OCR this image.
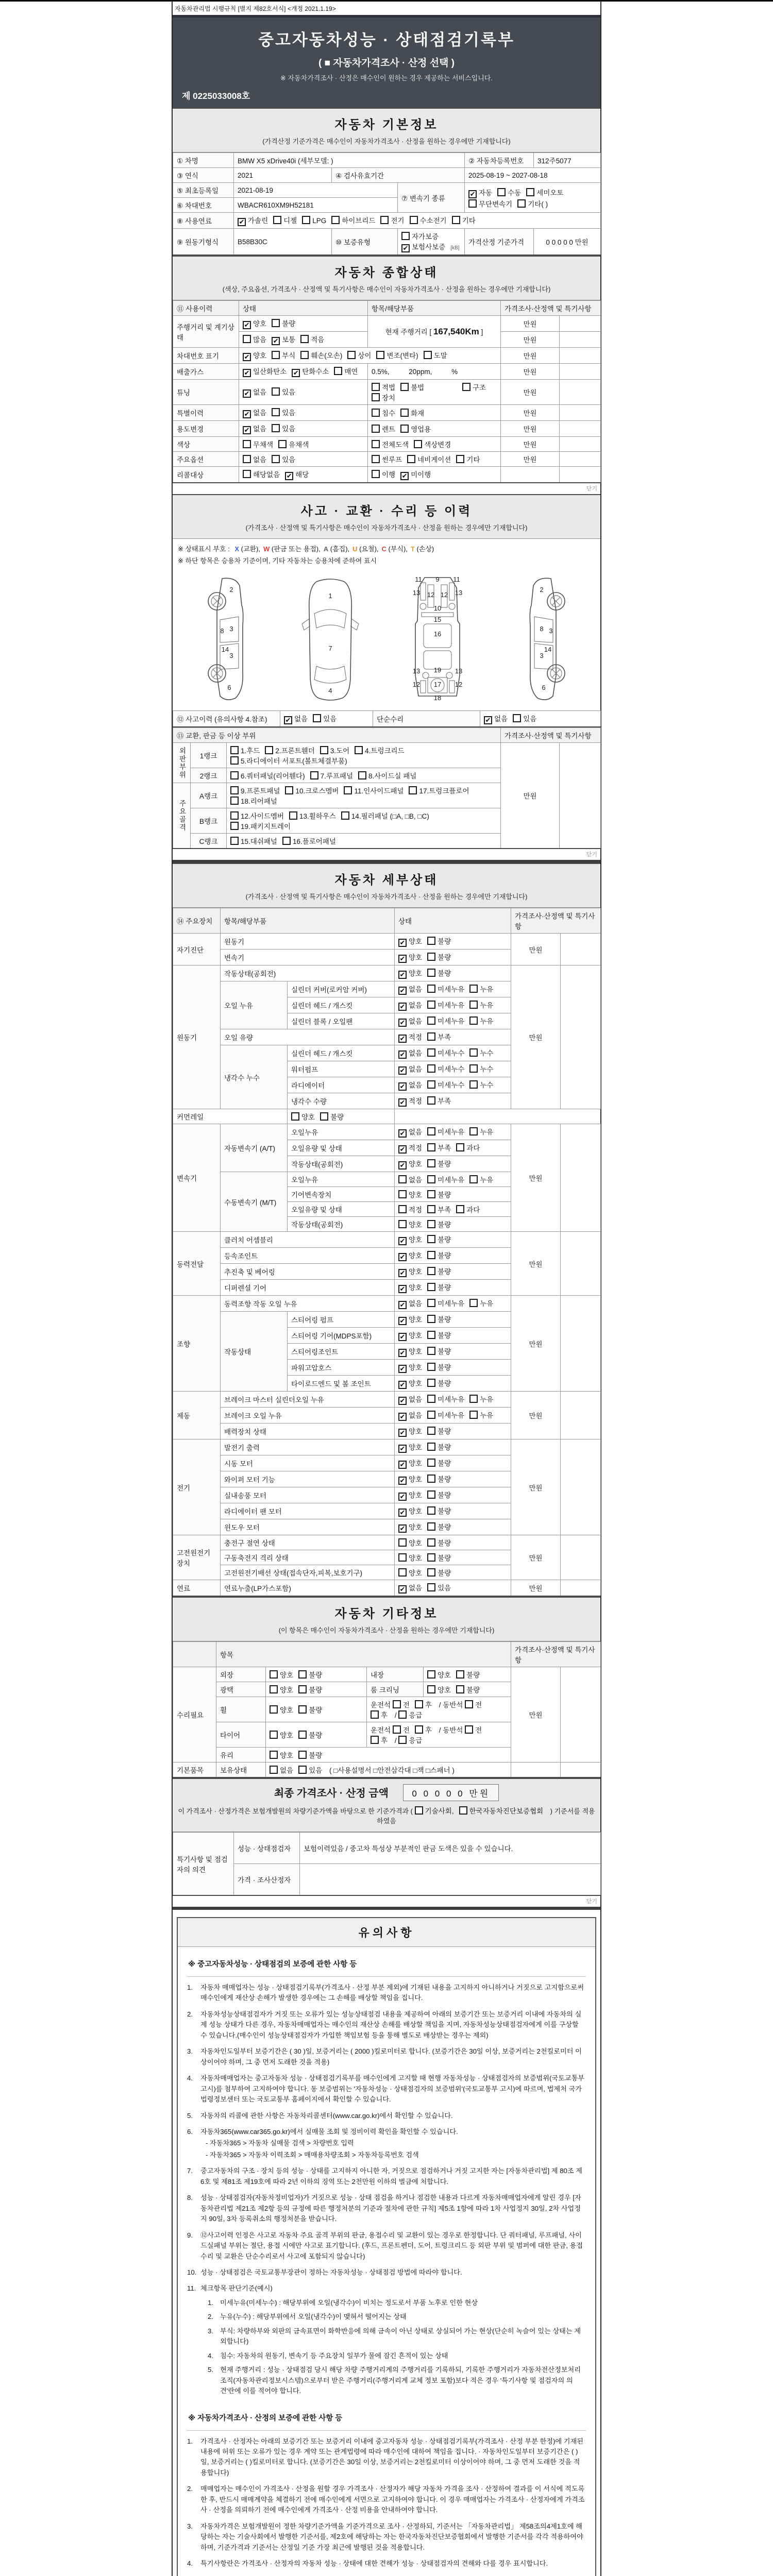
자동차관리법 시행규칙 [별지 제82호서식] <개정 2021.1.19>
중고자동차성능 · 상태점검기록부
( ■ 자동차가격조사 · 산정 선택 )
※ 자동차가격조사 · 산정은 매수인이 원하는 경우 제공하는 서비스입니다.
제 0225033008호
자동차 기본정보
(가격산정 기준가격은 매수인이 자동차가격조사 · 산정을 원하는 경우에만 기재합니다)
① 차명	BMW X5 xDrive40i (세부모델: )			② 자동차등록번호	312주5077
③ 연식	2021	④ 검사유효기간		2025-08-19 ~ 2027-08-18	
⑤ 최초등록일	2021-08-19		⑦ 변속기 종류	✔ 자동 수동 세미오토
무단변속기 기타( )	

⑥ 차대번호	WBACR610XM9H52181				
⑧ 사용연료	✔ 가솔린 디젤 LPG 하이브리드 전기 수소전기 기타				
⑨ 원동기형식	B58B30C	⑩ 보증유형	자가보증✔ 보험사보증 [kB]	가격산정 기준가격	0 0 0 0 0 만원
자동차 종합상태
(색상, 주요옵션, 가격조사 · 산정액 및 특기사항은 매수인이 자동차가격조사 · 산정을 원하는 경우에만 기재합니다)
⑪ 사용이력	상태	항목/해당부품	가격조사·산정액 및 특기사항	
주행거리 및 계기상태	✔ 양호 불량	현재 주행거리 [ 167,540Km ]	만원	
	많음 ✔ 보통 적음		만원	
차대번호 표기	✔ 양호 부식 훼손(오손) 상이 변조(변타) 도말		만원	
배출가스	✔ 일산화탄소 ✔ 탄화수소 매연	0.5%, 20ppm, %	만원	
튜닝	✔ 없음 있음	적법 불법 구조장치	만원	
특별이력	✔ 없음 있음	침수 화재	만원	
용도변경	✔ 없음 있음	렌트 영업용	만원	
색상	무채색 유채색	전체도색 색상변경	만원	
주요옵션	없음 있음	썬루프 네비게이션 기타	만원	
리콜대상	해당없음 ✔ 해당	이행 ✔ 미이행		
닫기
사고 · 교환 · 수리 등 이력
(가격조사 · 산정액 및 특기사항은 매수인이 자동차가격조사 · 산정을 원하는 경우에만 기재합니다)
※ 상태표시 부호 : X (교환), W (판금 또는 용접), A (흠집), U (요철), C (부식), T (손상)
※ 하단 항목은 승용차 기준이며, 기타 자동차는 승용차에 준하여 표시
2
8 3
14
3
6
1
7
4
11 9 11
13 12 12 13
10
15
16
13 19 13
12 17 12
18
2
3
8
14
3
6
⑫ 사고이력 (유의사항 4.참조)	✔ 없음 있음	단순수리	✔ 없음 있음
⑬ 교환, 판금 등 이상 부위			가격조사·산정액 및 특기사항	
외판부위	1랭크	1.후드 2.프론트휀더 3.도어 4.트렁크리드5.라디에이터 서포트(볼트체결부품)	만원	
	2랭크	6.쿼터패널(리어휀다) 7.루프패널 8.사이드실 패널		
주요골격	A랭크	9.프론트패널 10.크로스멤버 11.인사이드패널 17.트렁크플로어18.리어패널		
	B랭크	12.사이드멤버 13.휠하우스 14.필러패널 (□A, □B, □C)19.패키지트레이		
	C랭크	15.대쉬패널 16.플로어패널		
닫기
자동차 세부상태
(가격조사 · 산정액 및 특기사항은 매수인이 자동차가격조사 · 산정을 원하는 경우에만 기재합니다)
⑭ 주요장치	항목/해당부품		상태	가격조사·산정액 및 특기사항	
자기진단	원동기		✔ 양호 불량	만원	
	변속기		✔ 양호 불량		
원동기	작동상태(공회전)		✔ 양호 불량	만원	
	오일 누유	실린더 커버(로커암 커버)	✔ 없음 미세누유 누유		
		실린더 헤드 / 개스킷	✔ 없음 미세누유 누유		
		실린더 블록 / 오일팬	✔ 없음 미세누유 누유		
	오일 유량		✔ 적정 부족		
	냉각수 누수	실린더 헤드 / 개스킷	✔ 없음 미세누수 누수		
		워터펌프	✔ 없음 미세누수 누수		
		라디에이터	✔ 없음 미세누수 누수		
		냉각수 수량	✔ 적정 부족		
커먼레일		양호 불량			
변속기	자동변속기 (A/T)	오일누유	✔ 없음 미세누유 누유	만원	
		오일유량 및 상태	✔ 적정 부족 과다		
		작동상태(공회전)	✔ 양호 불량		
	수동변속기 (M/T)	오일누유	없음 미세누유 누유		
		기어변속장치	양호 불량		
		오일유량 및 상태	적정 부족 과다		
		작동상태(공회전)	양호 불량		
동력전달	클러치 어셈블리		✔ 양호 불량	만원	
	등속조인트		✔ 양호 불량		
	추진축 및 베어링		✔ 양호 불량		
	디퍼렌셜 기어		✔ 양호 불량		
조향	동력조향 작동 오일 누유		✔ 없음 미세누유 누유	만원	
	작동상태	스티어링 펌프	✔ 양호 불량		
		스티어링 기어(MDPS포함)	✔ 양호 불량		
		스티어링조인트	✔ 양호 불량		
		파워고압호스	✔ 양호 불량		
		타이로드엔드 및 볼 조인트	✔ 양호 불량		
제동	브레이크 마스터 실린더오일 누유		✔ 없음 미세누유 누유	만원	
	브레이크 오일 누유		✔ 없음 미세누유 누유		
	배력장치 상태		✔ 양호 불량		
전기	발전기 출력		✔ 양호 불량	만원	
	시동 모터		✔ 양호 불량		
	와이퍼 모터 기능		✔ 양호 불량		
	실내송풍 모터		✔ 양호 불량		
	라디에이터 팬 모터		✔ 양호 불량		
	윈도우 모터		✔ 양호 불량		
고전원전기장치	충전구 절연 상태		양호 불량	만원	
	구동축전지 격리 상태		양호 불량		
	고전원전기배선 상태(접속단자,피복,보호기구)		양호 불량		
연료	연료누출(LP가스포함)		✔ 없음 있음	만원	
자동차 기타정보
(이 항목은 매수인이 자동차가격조사 · 산정을 원하는 경우에만 기재합니다)
	항목				가격조사·산정액 및 특기사항	
수리필요	외장	양호 불량	내장	양호 불량	만원	
	광택	양호 불량	룸 크리닝	양호 불량		
	휠	양호 불량	운전석 전 후 / 동반석 전후 / 응급			
	타이어	양호 불량	운전석 전 후 / 동반석 전후 / 응급			
	유리	양호 불량				
기본품목	보유상태	없음 있음 ( □사용설명서 □안전삼각대 □잭 □스패너 )				
최종 가격조사 · 산정 금액	0 0 0 0 0 만원
이 가격조사 · 산정가격은 보험개발원의 차량기준가액을 바탕으로 한 기준가격과 ( 기술사회, 한국자동차진단보증협회 ) 기준서를 적용하였음
특기사항 및 점검자의 의견	성능 · 상태점검자	보험이력있음 / 중고차 특성상 부분적인 판금 도색은 있을 수 있습니다.
	가격 · 조사산정자	
닫기
유의사항
※ 중고자동차성능 · 상태점검의 보증에 관한 사항 등
1.	자동차 매매업자는 성능 · 상태점검기록부(가격조사 · 산정 부분 제외)에 기재된 내용을 고지하지 아니하거나 거짓으로 고지함으로써 매수인에게 재산상 손해가 발생한 경우에는 그 손해를 배상할 책임을 집니다.
2.	자동차성능상태점검자가 거짓 또는 오류가 있는 성능상태점검 내용을 제공하여 아래의 보증기간 또는 보증거리 이내에 자동차의 실제 성능 상태가 다른 경우, 자동차매매업자는 매수인의 재산상 손해를 배상할 책임을 지며, 자동차성능상태점검자에게 이를 구상할 수 있습니다.(매수인이 성능상태점검자가 가입한 책임보험 등을 통해 별도로 배상받는 경우는 제외)
3.	자동차인도일부터 보증기간은 ( 30 )일, 보증거리는 ( 2000 )킬로미터로 합니다. (보증기간은 30일 이상, 보증거리는 2천킬로미터 이상이어야 하며, 그 중 먼저 도래한 것을 적용)
4.	자동차매매업자는 중고자동차 성능 · 상태점검기록부를 매수인에게 고지할 때 현행 자동차성능 · 상태점검자의 보증범위(국토교통부 고시)를 첨부하여 고지하여야 합니다. 동 보증범위는 '자동차성능 · 상태점검자의 보증범위'(국토교통부 고시)에 따르며, 법제처 국가법령정보센터 또는 국토교통부 홈페이지에서 확인할 수 있습니다.
5.	자동차의 리콜에 관한 사항은 자동차리콜센터(www.car.go.kr)에서 확인할 수 있습니다.
6.	자동차365(www.car365.go.kr)에서 실매물 조회 및 정비이력 확인을 확인할 수 있습니다.
- 자동차365 > 자동차 실매물 검색 > 차량번호 입력
- 자동차365 > 자동차 이력조회 > 매매용차량조회 > 자동차등록번호 검색
7.	중고자동차의 구조 · 장치 등의 성능 · 상태를 고지하지 아니한 자, 거짓으로 점검하거나 거짓 고지한 자는 [자동차관리법] 제 80조 제6호 및 제81조 제19호에 따라 2년 이하의 징역 또는 2천만원 이하의 벌금에 처합니다.
8.	성능 · 상태점검자(자동차정비업자)가 거짓으로 성능 · 상태 점검을 하거나 점검한 내용과 다르게 자동차매매업자에게 알린 경우 [자동차관리법 제21조 제2항 등의 규정에 따른 행정처분의 기준과 절차에 관한 규칙] 제5조 1항에 따라 1차 사업정지 30일, 2차 사업정지 90일, 3차 등록취소의 행정처분을 받습니다.
9.	⑫사고이력 인정은 사고로 자동차 주요 골격 부위의 판금, 용접수리 및 교환이 있는 경우로 한정합니다. 단 쿼터패널, 루프패널, 사이드실패널 부위는 절단, 용접 시에만 사고로 표기합니다. (후드, 프론트펜더, 도어, 트렁크리드 등 외판 부위 및 범퍼에 대한 판금, 용접수리 및 교환은 단순수리로서 사고에 포함되지 않습니다)
10. 성능 · 상태점검은 국토교통부장관이 정하는 자동차성능 · 상태점검 방법에 따라야 합니다.
11. 체크항목 판단기준(예시)
1. 미세누유(미세누수) : 해당부위에 오일(냉각수)이 비치는 정도로서 부품 노후로 인한 현상
2. 누유(누수) : 해당부위에서 오일(냉각수)이 맺혀서 떨어지는 상태
3. 부식: 차량하부와 외판의 금속표면이 화학반응에 의해 금속이 아닌 상태로 상실되어 가는 현상(단순히 녹슬어 있는 상태는 제외합니다)
4. 침수: 자동차의 원동기, 변속기 등 주요장치 일부가 물에 잠긴 흔적이 있는 상태
5. 현재 주행거리 : 성능 · 상태점검 당시 해당 차량 주행거리계의 주행거리를 기록하되, 기록한 주행거리가 자동차전산정보처리조직(자동차관리정보시스템)으로부터 받은 주행거리(주행거리계 교체 정보 포함)보다 적은 경우 '특기사항 및 점검자의 의견'란에 이를 적어야 합니다.
※ 자동차가격조사 · 산정의 보증에 관한 사항 등
1.	가격조사 · 산정자는 아래의 보증기간 또는 보증거리 이내에 중고자동차 성능 · 상태점검기록부(가격조사 · 산정 부분 한정)에 기재된 내용에 허위 또는 오류가 있는 경우 계약 또는 관계법령에 따라 매수인에 대하여 책임을 집니다. · 자동차인도일부터 보증기간은 ( )일, 보증거리는 ( )킬로미터로 합니다. (보증기간은 30일 이상, 보증거리는 2천킬로미터 이상이어야 하며, 그 중 먼저 도래한 것을 적용합니다)
2.	매매업자는 매수인이 가격조사 · 산정을 원할 경우 가격조사 · 산정자가 해당 자동차 가격을 조사 · 산정하여 결과를 이 서식에 적도록 한 후, 반드시 매매계약을 체결하기 전에 매수인에게 서면으로 고지하여야 합니다. 이 경우 매매업자는 가격조사 · 산정자에게 가격조사 · 산정을 의뢰하기 전에 매수인에게 가격조사 · 산정 비용을 안내하여야 합니다.
3.	자동차가격은 보험개발원이 정한 차량기준가액을 기준가격으로 조사 · 산정하되, 기준서는 「자동차관리법」 제58조의4제1호에 해당하는 자는 기술사회에서 발행한 기준서를, 제2호에 해당하는 자는 한국자동차진단보증협회에서 발행한 기준서를 각각 적용하여야 하며, 기준가격과 기준서는 산정일 기준 가장 최근에 발행된 것을 적용합니다.
4.	특기사항란은 가격조사 · 산정자의 자동차 성능 · 상태에 대한 견해가 성능 · 상태점검자의 견해와 다를 경우 표시합니다.
